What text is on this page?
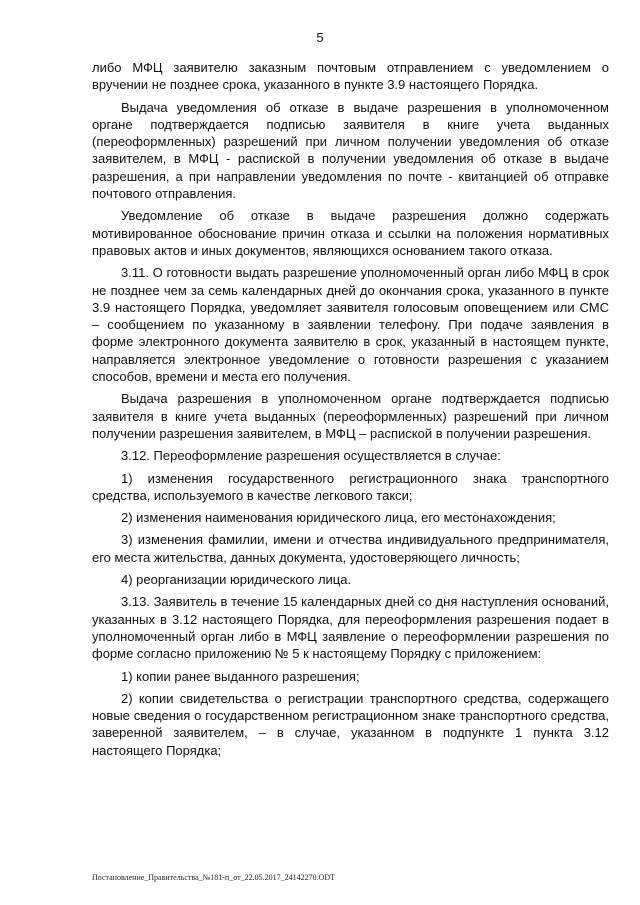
5

либо МФЦ заявителю заказным почтовым отправлением с уведомлением о вручении не позднее срока, указанного в пункте 3.9 настоящего Порядка.

Выдача уведомления об отказе в выдаче разрешения в уполномоченном органе подтверждается подписью заявителя в книге учета выданных (переоформленных) разрешений при личном получении уведомления об отказе заявителем, в МФЦ - распиской в получении уведомления об отказе в выдаче разрешения, а при направлении уведомления по почте - квитанцией об отправке почтового отправления.

Уведомление об отказе в выдаче разрешения должно содержать мотивированное обоснование причин отказа и ссылки на положения нормативных правовых актов и иных документов, являющихся основанием такого отказа.

3.11. О готовности выдать разрешение уполномоченный орган либо МФЦ в срок не позднее чем за семь календарных дней до окончания срока, указанного в пункте 3.9 настоящего Порядка, уведомляет заявителя голосовым оповещением или СМС – сообщением по указанному в заявлении телефону. При подаче заявления в форме электронного документа заявителю в срок, указанный в настоящем пункте, направляется электронное уведомление о готовности разрешения с указанием способов, времени и места его получения.

Выдача разрешения в уполномоченном органе подтверждается подписью заявителя в книге учета выданных (переоформленных) разрешений при личном получении разрешения заявителем, в МФЦ – распиской в получении разрешения.

3.12. Переоформление разрешения осуществляется в случае:

1) изменения государственного регистрационного знака транспортного средства, используемого в качестве легкового такси;

2) изменения наименования юридического лица, его местонахождения;

3) изменения фамилии, имени и отчества индивидуального предпринимателя, его места жительства, данных документа, удостоверяющего личность;

4) реорганизации юридического лица.

3.13. Заявитель в течение 15 календарных дней со дня наступления оснований, указанных в 3.12 настоящего Порядка, для переоформления разрешения подает в уполномоченный орган либо в МФЦ заявление о переоформлении разрешения по форме согласно приложению № 5 к настоящему Порядку с приложением:

1) копии ранее выданного разрешения;

2) копии свидетельства о регистрации транспортного средства, содержащего новые сведения о государственном регистрационном знаке транспортного средства, заверенной заявителем, – в случае, указанном в подпункте 1 пункта 3.12 настоящего Порядка;

Постановление_Правительства_№181-п_от_22.05.2017_24142270.ODT
